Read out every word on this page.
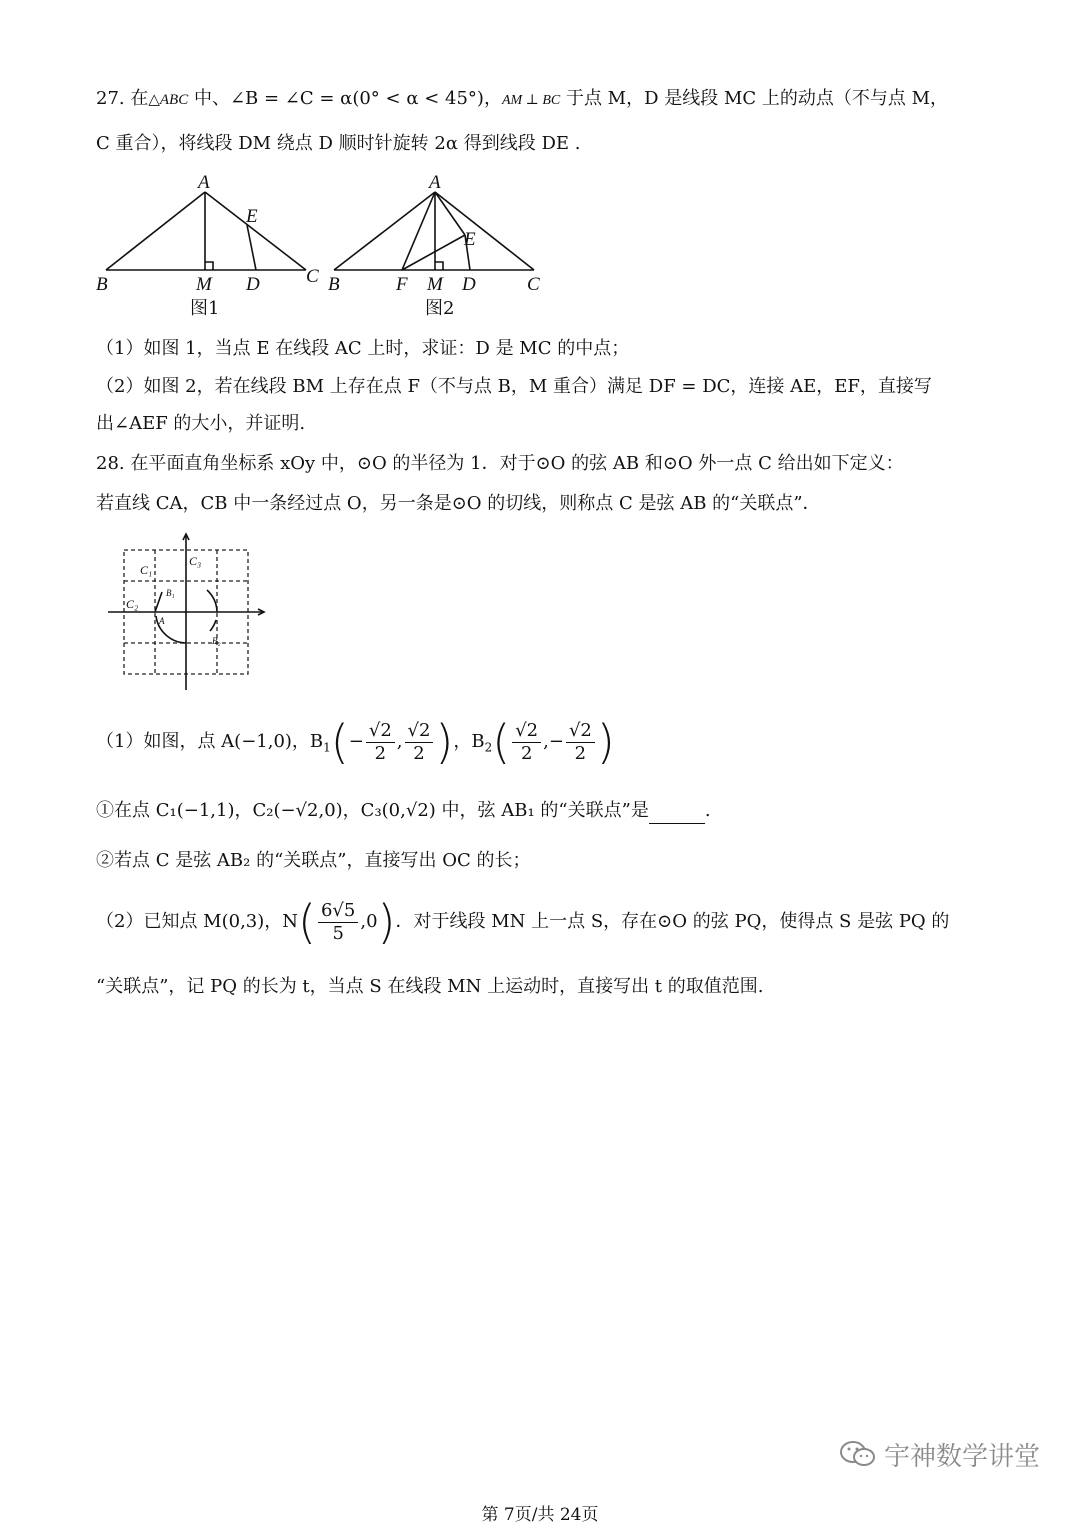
27. 在△ABC 中、∠B = ∠C = α(0° < α < 45°)，AM ⊥ BC 于点 M，D 是线段 MC 上的动点（不与点 M，
C 重合），将线段 DM 绕点 D 顺时针旋转 2α 得到线段 DE .
A
E
B	M D C
A
E
B	F M D	C
图1	图2
（1）如图 1，当点 E 在线段 AC 上时，求证：D 是 MC 的中点；
（2）如图 2，若在线段 BM 上存在点 F（不与点 B，M 重合）满足 DF = DC，连接 AE，EF，直接写
出∠AEF 的大小，并证明.
28. 在平面直角坐标系 xOy 中，⊙O 的半径为 1．对于⊙O 的弦 AB 和⊙O 外一点 C 给出如下定义：
若直线 CA，CB 中一条经过点 O，另一条是⊙O 的切线，则称点 C 是弦 AB 的“关联点”．
C₁
C₂
C₃
A
B₁
B₂
（1）如图，点 A(−1,0)，$B_1(- \frac{√2}{2}$ , $\frac{√2}{2}$ )，$B_2( \frac{√2}{2}$ ,− $\frac{√2}{2}$ )
①在点 C₁(−1,1)，C₂(−√2,0)，C₃(0,√2) 中，弦 AB₁ 的“关联点”是	.
②若点 C 是弦 AB₂ 的“关联点”，直接写出 OC 的长；
（2）已知点 M(0,3)，$N( \frac{6√5}{5} ,0)$．对于线段 MN 上一点 S，存在⊙O 的弦 PQ，使得点 S 是弦 PQ 的
“关联点”，记 PQ 的长为 t，当点 S 在线段 MN 上运动时，直接写出 t 的取值范围.
宇神数学讲堂
第 7页/共 24页
